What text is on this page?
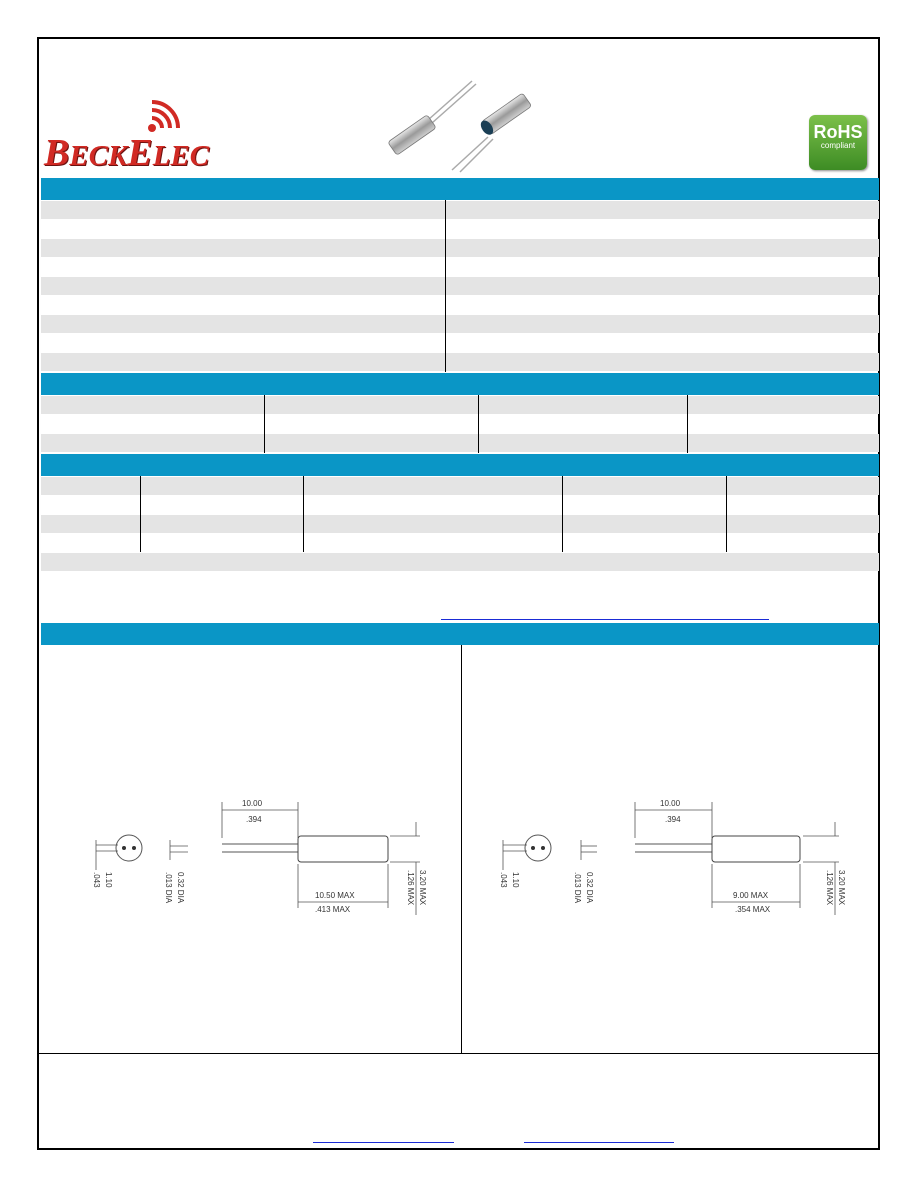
BECKELEC
RoHS
compliant
1.10
.043	0.32 DIA
.013 DIA
10.00
.394
10.50 MAX
.413 MAX
3.20 MAX
.126 MAX	1.10
.043	0.32 DIA
.013 DIA
10.00
.394
9.00 MAX
.354 MAX
3.20 MAX
.126 MAX
